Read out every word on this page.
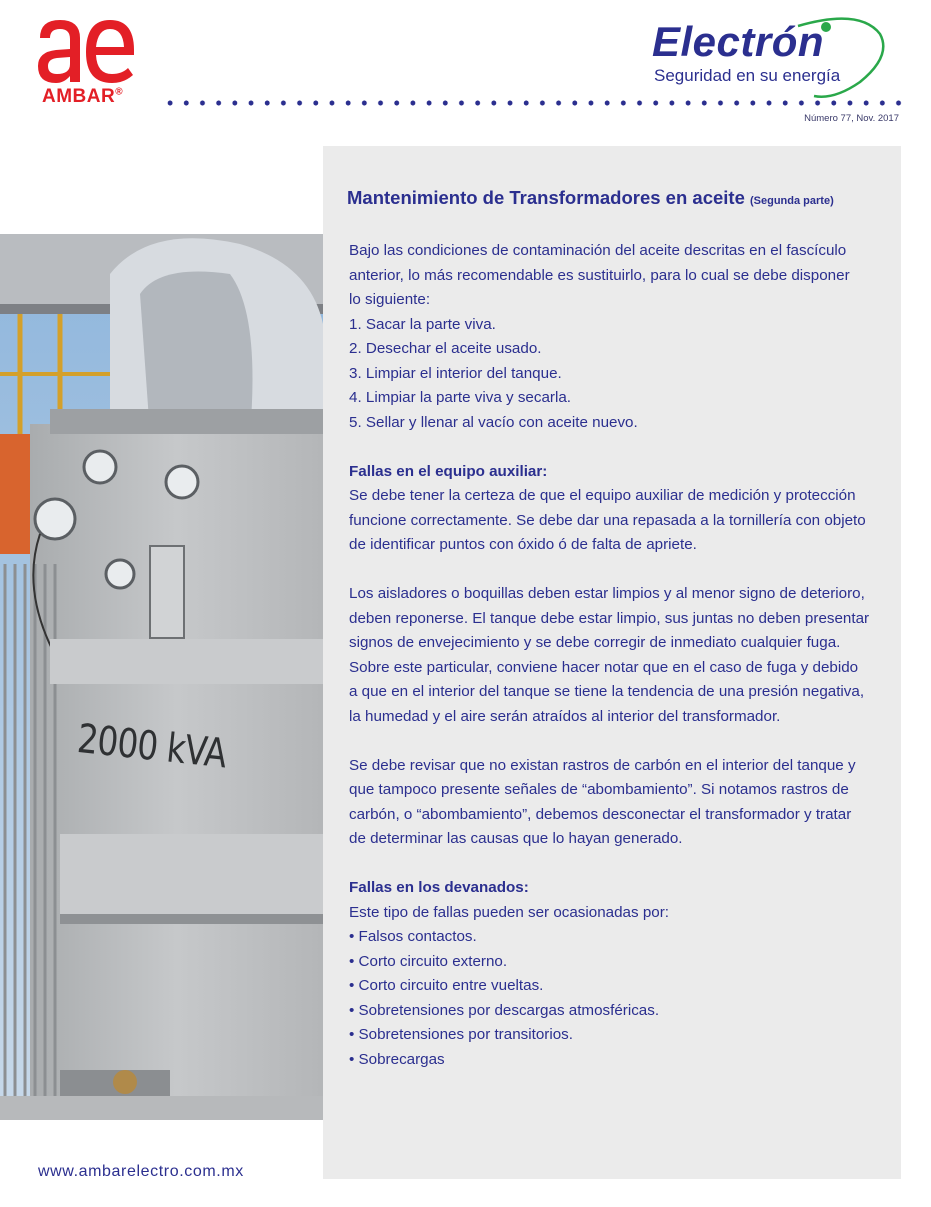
AMBAR®
Electrón
Seguridad en su energía
Número 77, Nov. 2017
2000 kVA
Mantenimiento de Transformadores en aceite (Segunda parte)

Bajo las condiciones de contaminación del aceite descritas en el fascículo

anterior, lo más recomendable es sustituirlo, para lo cual se debe disponer

lo siguiente:

1. Sacar la parte viva.

2. Desechar el aceite usado.

3. Limpiar el interior del tanque.

4. Limpiar la parte viva y secarla.

5. Sellar y llenar al vacío con aceite nuevo.

Fallas en el equipo auxiliar:

Se debe tener la certeza de que el equipo auxiliar de medición y protección

funcione correctamente. Se debe dar una repasada a la tornillería con objeto

de identificar puntos con óxido ó de falta de apriete.

Los aisladores o boquillas deben estar limpios y al menor signo de deterioro,

deben reponerse. El tanque debe estar limpio, sus juntas no deben presentar

signos de envejecimiento y se debe corregir de inmediato cualquier fuga.

Sobre este particular, conviene hacer notar que en el caso de fuga y debido

a que en el interior del tanque se tiene la tendencia de una presión negativa,

la humedad y el aire serán atraídos al interior del transformador.

Se debe revisar que no existan rastros de carbón en el interior del tanque y

que tampoco presente señales de “abombamiento”. Si notamos rastros de

carbón, o “abombamiento”, debemos desconectar el transformador y tratar

de determinar las causas que lo hayan generado.

Fallas en los devanados:

Este tipo de fallas pueden ser ocasionadas por:

• Falsos contactos.

• Corto circuito externo.

• Corto circuito entre vueltas.

• Sobretensiones por descargas atmosféricas.

• Sobretensiones por transitorios.

• Sobrecargas

www.ambarelectro.com.mx
